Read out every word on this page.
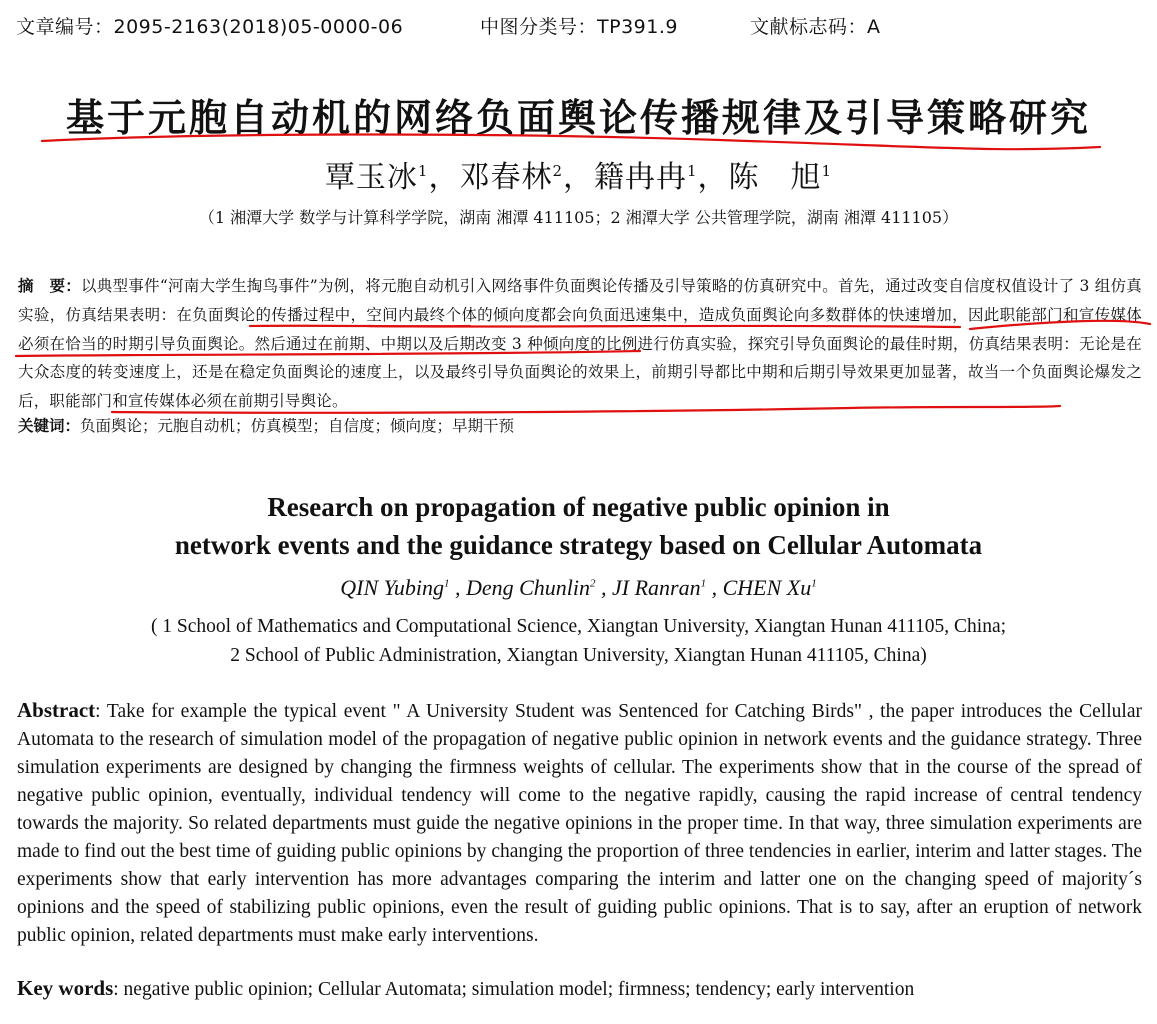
文章编号：2095-2163(2018)05-0000-06	中图分类号：TP391.9	文献标志码：A
基于元胞自动机的网络负面舆论传播规律及引导策略研究
覃玉冰$^1$，邓春林$^2$，籍冉冉$^1$，陈　旭$^1$
（1 湘潭大学 数学与计算科学学院，湖南 湘潭 411105；2 湘潭大学 公共管理学院，湖南 湘潭 411105）
摘　要：以典型事件“河南大学生掏鸟事件”为例，将元胞自动机引入网络事件负面舆论传播及引导策略的仿真研究中。首先，通过改变自信度权值设计了 3 组仿真实验，仿真结果表明：在负面舆论的传播过程中，空间内最终个体的倾向度都会向负面迅速集中，造成负面舆论向多数群体的快速增加，因此职能部门和宣传媒体必须在恰当的时期引导负面舆论。然后通过在前期、中期以及后期改变 3 种倾向度的比例进行仿真实验，探究引导负面舆论的最佳时期，仿真结果表明：无论是在大众态度的转变速度上，还是在稳定负面舆论的速度上，以及最终引导负面舆论的效果上，前期引导都比中期和后期引导效果更加显著，故当一个负面舆论爆发之后，职能部门和宣传媒体必须在前期引导舆论。
关键词：负面舆论；元胞自动机；仿真模型；自信度；倾向度；早期干预
Research on propagation of negative public opinion in
network events and the guidance strategy based on Cellular Automata
QIN Yubing$^1$ , Deng Chunlin$^2$ , JI Ranran$^1$ , CHEN Xu$^1$
( 1 School of Mathematics and Computational Science, Xiangtan University, Xiangtan Hunan 411105, China;
2 School of Public Administration, Xiangtan University, Xiangtan Hunan 411105, China)
Abstract: Take for example the typical event " A University Student was Sentenced for Catching Birds" , the paper introduces the Cellular Automata to the research of simulation model of the propagation of negative public opinion in network events and the guidance strategy. Three simulation experiments are designed by changing the firmness weights of cellular. The experiments show that in the course of the spread of negative public opinion, eventually, individual tendency will come to the negative rapidly, causing the rapid increase of central tendency towards the majority. So related departments must guide the negative opinions in the proper time. In that way, three simulation experiments are made to find out the best time of guiding public opinions by changing the proportion of three tendencies in earlier, interim and latter stages. The experiments show that early intervention has more advantages comparing the interim and latter one on the changing speed of majority´s opinions and the speed of stabilizing public opinions, even the result of guiding public opinions. That is to say, after an eruption of network public opinion, related departments must make early interventions.
Key words: negative public opinion; Cellular Automata; simulation model; firmness; tendency; early intervention
